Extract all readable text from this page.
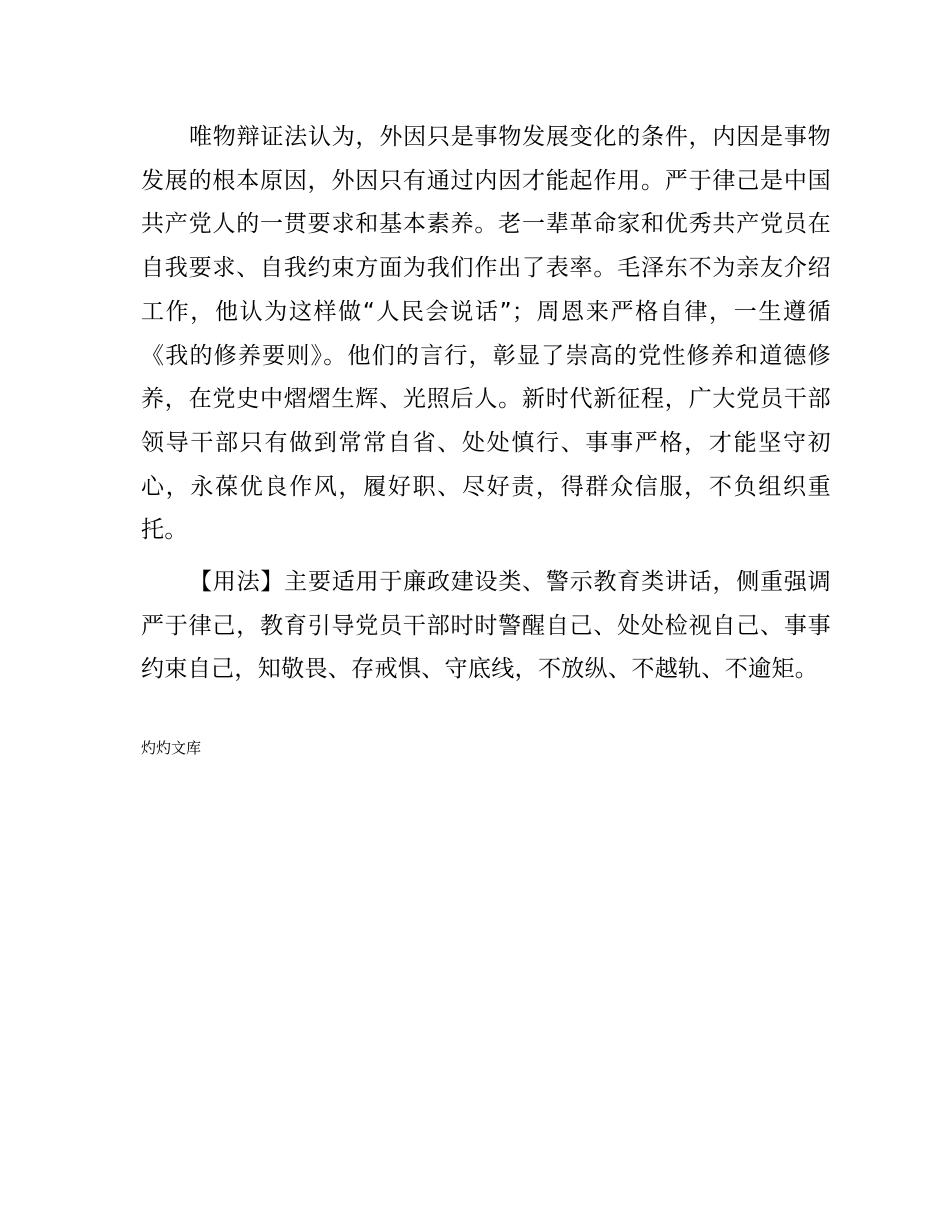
唯物辩证法认为，外因只是事物发展变化的条件，内因是事物发展的根本原因，外因只有通过内因才能起作用。严于律己是中国共产党人的一贯要求和基本素养。老一辈革命家和优秀共产党员在自我要求、自我约束方面为我们作出了表率。毛泽东不为亲友介绍工作，他认为这样做“人民会说话”；周恩来严格自律，一生遵循《我的修养要则》。他们的言行，彰显了崇高的党性修养和道德修养，在党史中熠熠生辉、光照后人。新时代新征程，广大党员干部领导干部只有做到常常自省、处处慎行、事事严格，才能坚守初心，永葆优良作风，履好职、尽好责，得群众信服，不负组织重托。

【用法】主要适用于廉政建设类、警示教育类讲话，侧重强调严于律己，教育引导党员干部时时警醒自己、处处检视自己、事事约束自己，知敬畏、存戒惧、守底线，不放纵、不越轨、不逾矩。

灼灼文库
